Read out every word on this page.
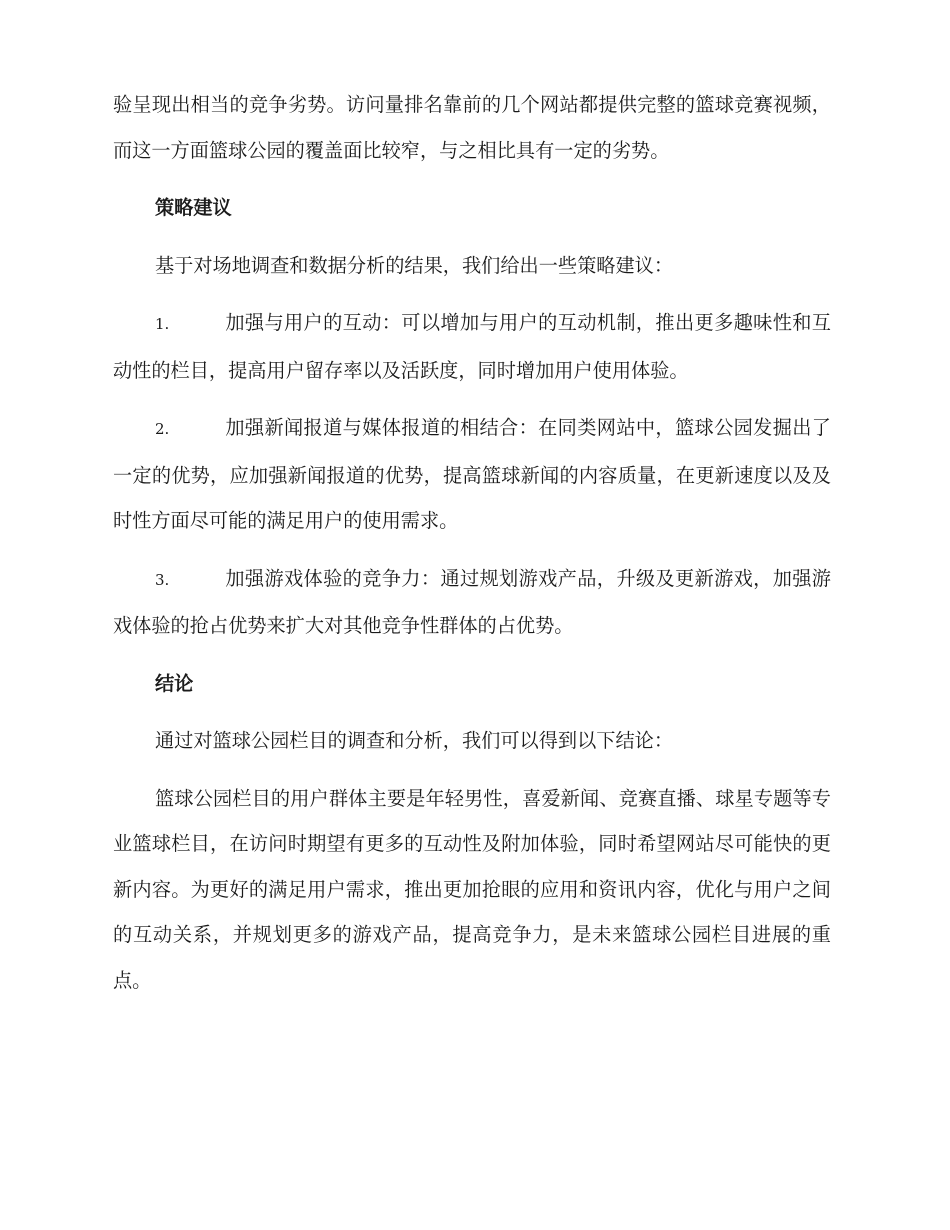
验呈现出相当的竞争劣势。访问量排名靠前的几个网站都提供完整的篮球竞赛视频，而这一方面篮球公园的覆盖面比较窄，与之相比具有一定的劣势。

策略建议

基于对场地调查和数据分析的结果，我们给出一些策略建议：

1.	加强与用户的互动：可以增加与用户的互动机制，推出更多趣味性和互动性的栏目，提高用户留存率以及活跃度，同时增加用户使用体验。

2.	加强新闻报道与媒体报道的相结合：在同类网站中，篮球公园发掘出了一定的优势，应加强新闻报道的优势，提高篮球新闻的内容质量，在更新速度以及及时性方面尽可能的满足用户的使用需求。

3.	加强游戏体验的竞争力：通过规划游戏产品，升级及更新游戏，加强游戏体验的抢占优势来扩大对其他竞争性群体的占优势。

结论

通过对篮球公园栏目的调查和分析，我们可以得到以下结论：

篮球公园栏目的用户群体主要是年轻男性，喜爱新闻、竞赛直播、球星专题等专业篮球栏目，在访问时期望有更多的互动性及附加体验，同时希望网站尽可能快的更新内容。为更好的满足用户需求，推出更加抢眼的应用和资讯内容，优化与用户之间的互动关系，并规划更多的游戏产品，提高竞争力，是未来篮球公园栏目进展的重点。
